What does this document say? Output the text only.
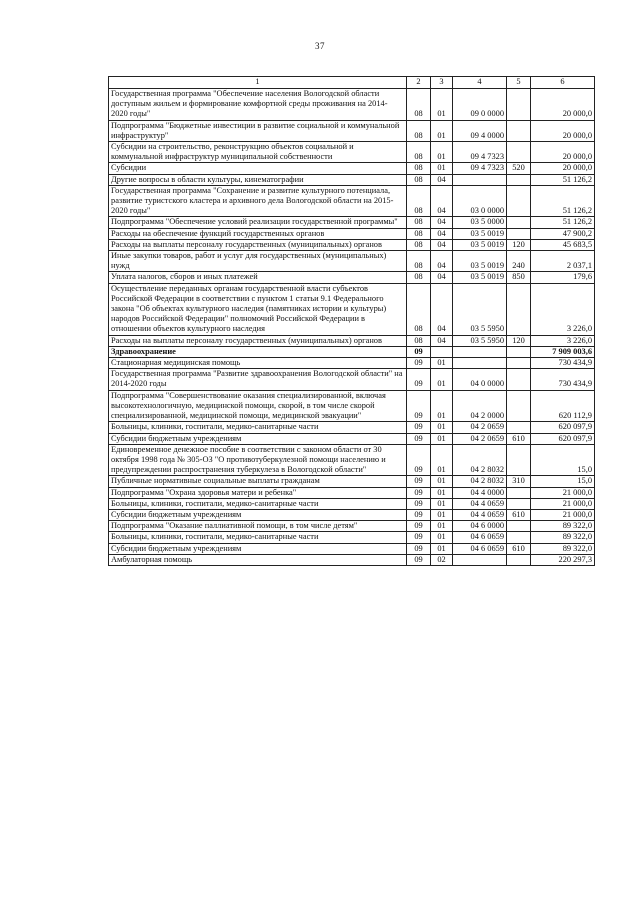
37
1	2	3	4	5	6
Государственная программа "Обеспечение населения Вологодской области доступным жильем и формирование комфортной среды проживания на 2014-2020 годы"	08	01	09 0 0000		20 000,0
Подпрограмма "Бюджетные инвестиции в развитие социальной и коммунальной инфраструктур"	08	01	09 4 0000		20 000,0
Субсидии на строительство, реконструкцию объектов социальной и коммунальной инфраструктур муниципальной собственности	08	01	09 4 7323		20 000,0
Субсидии	08	01	09 4 7323	520	20 000,0
Другие вопросы в области культуры, кинематографии	08	04			51 126,2
Государственная программа "Сохранение и развитие культурного потенциала, развитие туристского кластера и архивного дела Вологодской области на 2015-2020 годы"	08	04	03 0 0000		51 126,2
Подпрограмма "Обеспечение условий реализации государственной программы"	08	04	03 5 0000		51 126,2
Расходы на обеспечение функций государственных органов	08	04	03 5 0019		47 900,2
Расходы на выплаты персоналу государственных (муниципальных) органов	08	04	03 5 0019	120	45 683,5
Иные закупки товаров, работ и услуг для государственных (муниципальных) нужд	08	04	03 5 0019	240	2 037,1
Уплата налогов, сборов и иных платежей	08	04	03 5 0019	850	179,6
Осуществление переданных органам государственной власти субъектов Российской Федерации в соответствии с пунктом 1 статьи 9.1 Федерального закона "Об объектах культурного наследия (памятниках истории и культуры) народов Российской Федерации" полномочий Российской Федерации в отношении объектов культурного наследия	08	04	03 5 5950		3 226,0
Расходы на выплаты персоналу государственных (муниципальных) органов	08	04	03 5 5950	120	3 226,0
Здравоохранение	09				7 909 003,6
Стационарная медицинская помощь	09	01			730 434,9
Государственная программа "Развитие здравоохранения Вологодской области" на 2014-2020 годы	09	01	04 0 0000		730 434,9
Подпрограмма "Совершенствование оказания специализированной, включая высокотехнологичную, медицинской помощи, скорой, в том числе скорой специализированной, медицинской помощи, медицинской эвакуации"	09	01	04 2 0000		620 112,9
Больницы, клиники, госпитали, медико-санитарные части	09	01	04 2 0659		620 097,9
Субсидии бюджетным учреждениям	09	01	04 2 0659	610	620 097,9
Единовременное денежное пособие в соответствии с законом области от 30 октября 1998 года № 305-ОЗ "О противотуберкулезной помощи населению и предупреждении распространения туберкулеза в Вологодской области"	09	01	04 2 8032		15,0
Публичные нормативные социальные выплаты гражданам	09	01	04 2 8032	310	15,0
Подпрограмма "Охрана здоровья матери и ребенка"	09	01	04 4 0000		21 000,0
Больницы, клиники, госпитали, медико-санитарные части	09	01	04 4 0659		21 000,0
Субсидии бюджетным учреждениям	09	01	04 4 0659	610	21 000,0
Подпрограмма "Оказание паллиативной помощи, в том числе детям"	09	01	04 6 0000		89 322,0
Больницы, клиники, госпитали, медико-санитарные части	09	01	04 6 0659		89 322,0
Субсидии бюджетным учреждениям	09	01	04 6 0659	610	89 322,0
Амбулаторная помощь	09	02			220 297,3
